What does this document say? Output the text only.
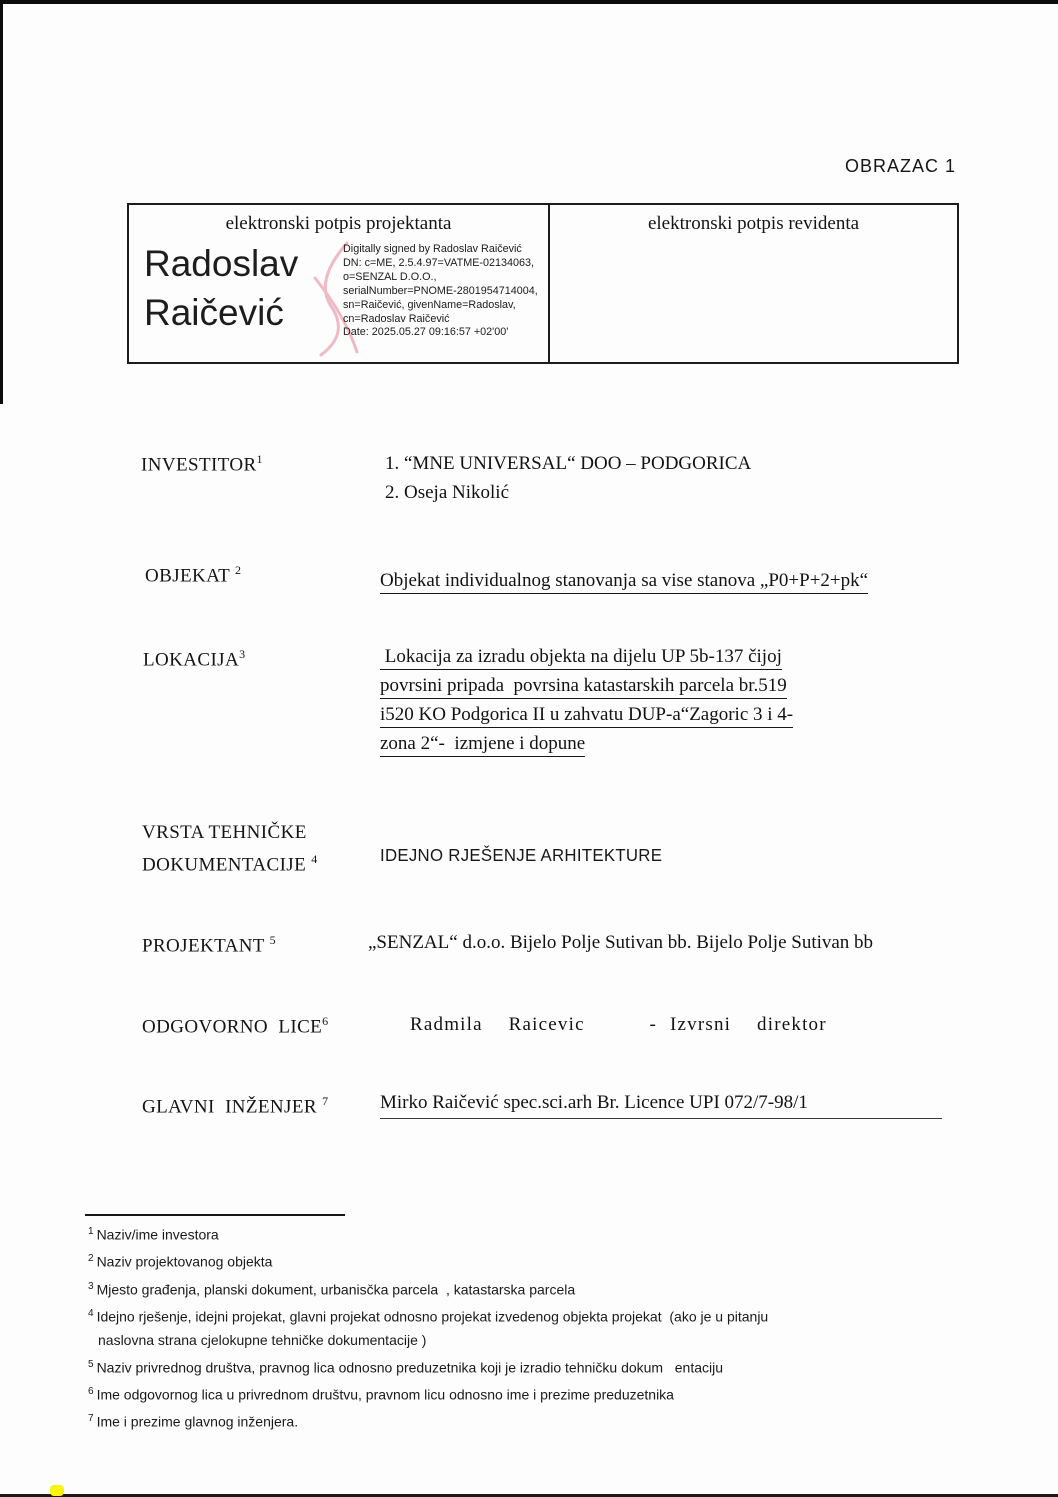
OBRAZAC 1
elektronski potpis projektanta
Radoslav
Raičević
Digitally signed by Radoslav Raičević
DN: c=ME, 2.5.4.97=VATME-02134063,
o=SENZAL D.O.O.,
serialNumber=PNOME-2801954714004,
sn=Raičević, givenName=Radoslav,
cn=Radoslav Raičević
Date: 2025.05.27 09:16:57 +02'00'
elektronski potpis revidenta
INVESTITOR$^1$	1. “MNE UNIVERSAL“ DOO – PODGORICA
2. Oseja Nikolić
OBJEKAT $^2$	Objekat individualnog stanovanja sa vise stanova „P0+P+2+pk“
LOKACIJA$^3$	Lokacija za izradu objekta na dijelu UP 5b-137 čijoj
povrsini pripada  povrsina katastarskih parcela br.519
i520 KO Podgorica II u zahvatu DUP-a“Zagoric 3 i 4-
zona 2“-  izmjene i dopune
VRSTA TEHNIČKE
DOKUMENTACIJE $^4$	IDEJNO RJEŠENJE ARHITEKTURE
PROJEKTANT $^5$	„SENZAL“ d.o.o. Bijelo Polje Sutivan bb. Bijelo Polje Sutivan bb
ODGOVORNO  LICE$^6$	Radmila  Raicevic     - Izvrsni  direktor
GLAVNI  INŽENJER $^7$	Mirko Raičević spec.sci.arh Br. Licence UPI 072/7-98/1
$^1$ Naziv/ime investora
$^2$ Naziv projektovanog objekta
$^3$ Mjesto građenja, planski dokument, urbanisčka parcela  , katastarska parcela
$^4$ Idejno rješenje, idejni projekat, glavni projekat odnosno projekat izvedenog objekta projekat  (ako je u pitanju
naslovna strana cjelokupne tehničke dokumentacije )
$^5$ Naziv privrednog društva, pravnog lica odnosno preduzetnika koji je izradio tehničku dokum   entaciju
$^6$ Ime odgovornog lica u privrednom društvu, pravnom licu odnosno ime i prezime preduzetnika
$^7$ Ime i prezime glavnog inženjera.
